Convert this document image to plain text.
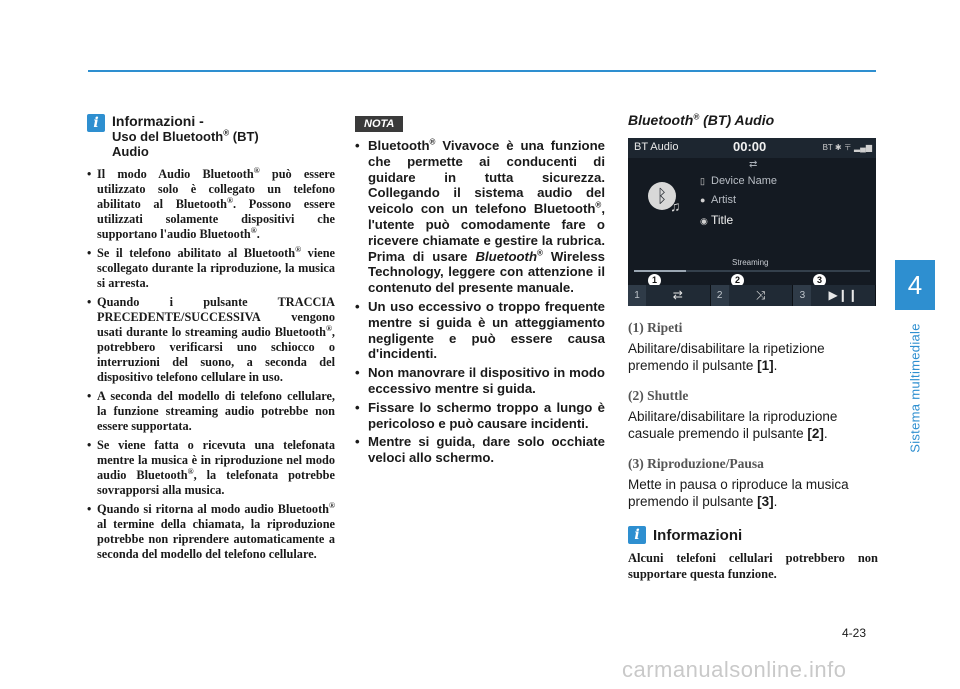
4
Sistema multimediale
i Informazioni -
Uso del Bluetooth® (BT)
Audio
• Il modo Audio Bluetooth® può essere utilizzato solo è collegato un telefono abilitato al Bluetooth®. Possono essere utilizzati solamente dispositivi che supportano l'audio Bluetooth®.
• Se il telefono abilitato al Bluetooth® viene scollegato durante la riproduzione, la musica si arresta.
• Quando i pulsante TRACCIA PRECEDENTE/SUCCESSIVA vengono usati durante lo streaming audio Bluetooth®, potrebbero verificarsi uno schiocco o interruzioni del suono, a seconda del dispositivo telefono cellulare in uso.
• A seconda del modello di telefono cellulare, la funzione streaming audio potrebbe non essere supportata.
• Se viene fatta o ricevuta una telefonata mentre la musica è in riproduzione nel modo audio Bluetooth®, la telefonata potrebbe sovrapporsi alla musica.
• Quando si ritorna al modo audio Bluetooth® al termine della chiamata, la riproduzione potrebbe non riprendere automaticamente a seconda del modello del telefono cellulare.
NOTA
• Bluetooth® Vivavoce è una funzione che permette ai conducenti di guidare in tutta sicurezza. Collegando il sistema audio del veicolo con un telefono Bluetooth®, l'utente può comodamente fare o ricevere chiamate e gestire la rubrica. Prima di usare Bluetooth® Wireless Technology, leggere con attenzione il contenuto del presente manuale.
• Un uso eccessivo o troppo frequente mentre si guida è un atteggiamento negligente e può essere causa d'incidenti.
• Non manovrare il dispositivo in modo eccessivo mentre si guida.
• Fissare lo schermo troppo a lungo è pericoloso e può causare incidenti.
• Mentre si guida, dare solo occhiate veloci allo schermo.
Bluetooth® (BT) Audio
BT Audio	00:00	BT ✱ 〒 ▂▄▆
⇄
ᛒ ♫
▯ Device Name
● Artist
◉ Title
Streaming
1	2	3
1	⇄	2	⤨	3	▶❙❙
(1) Ripeti

Abilitare/disabilitare la ripetizione premendo il pulsante [1].

(2) Shuttle

Abilitare/disabilitare la riproduzione casuale premendo il pulsante [2].

(3) Riproduzione/Pausa

Mette in pausa o riproduce la musica premendo il pulsante [3].

i Informazioni

Alcuni telefoni cellulari potrebbero non supportare questa funzione.

4-23
carmanualsonline.info
